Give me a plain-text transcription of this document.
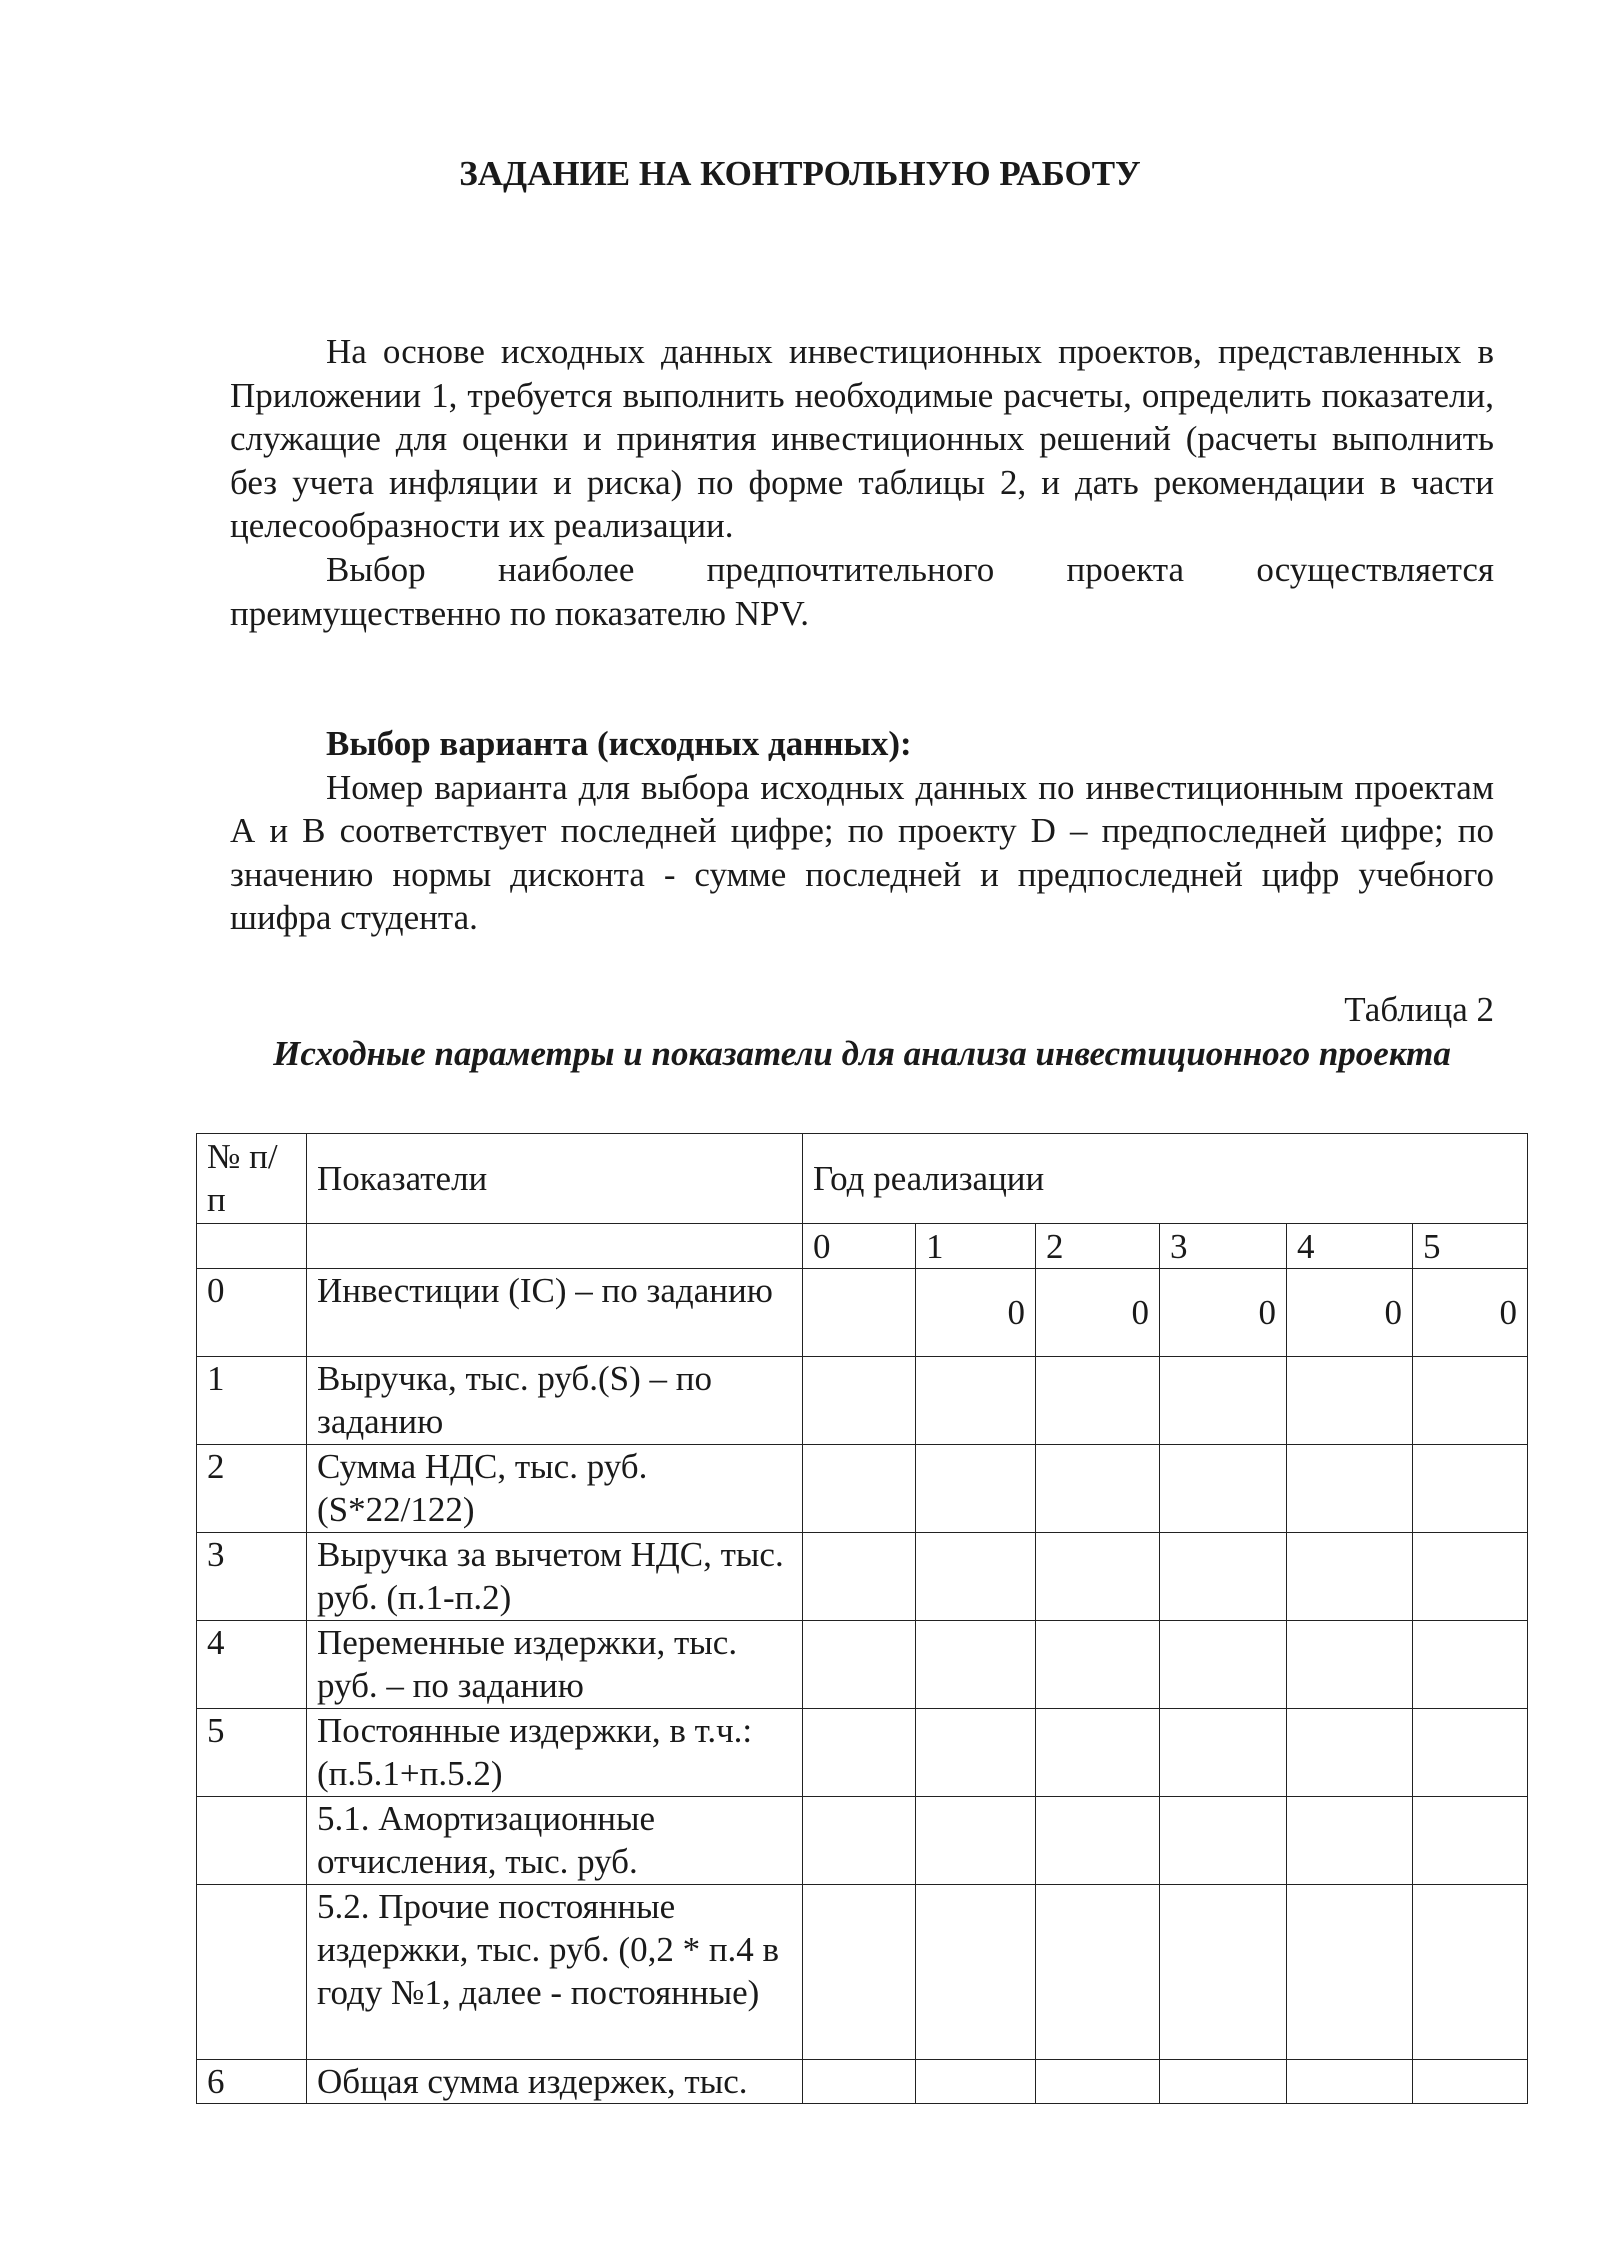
ЗАДАНИЕ НА КОНТРОЛЬНУЮ РАБОТУ

На основе исходных данных инвестиционных проектов, представленных в Приложении 1, требуется выполнить необходимые расчеты, определить показатели, служащие для оценки и принятия инвестиционных решений (расчеты выполнить без учета инфляции и риска) по форме таблицы 2, и дать рекомендации в части целесообразности их реализации.

Выбор наиболее предпочтительного проекта осуществляется преимущественно по показателю NPV.

Выбор варианта (исходных данных):

Номер варианта для выбора исходных данных по инвестиционным проектам А и В соответствует последней цифре; по проекту D – предпоследней цифре; по значению нормы дисконта - сумме последней и предпоследней цифр учебного шифра студента.

Таблица 2
Исходные параметры и показатели для анализа инвестиционного проекта
№ п/п	Показатели	Год реализации					
		0	1	2	3	4	5
0	Инвестиции (IC) – по заданию		0	0	0	0	0
1	Выручка, тыс. руб.(S) – по заданию						
2	Сумма НДС, тыс. руб. (S*22/122)						
3	Выручка за вычетом НДС, тыс. руб. (п.1-п.2)						
4	Переменные издержки, тыс. руб. – по заданию						
5	Постоянные издержки, в т.ч.: (п.5.1+п.5.2)						
	5.1. Амортизационные отчисления, тыс. руб.						
	5.2. Прочие постоянные издержки, тыс. руб. (0,2 * п.4 в году №1, далее - постоянные)						
6	Общая сумма издержек, тыс.						
